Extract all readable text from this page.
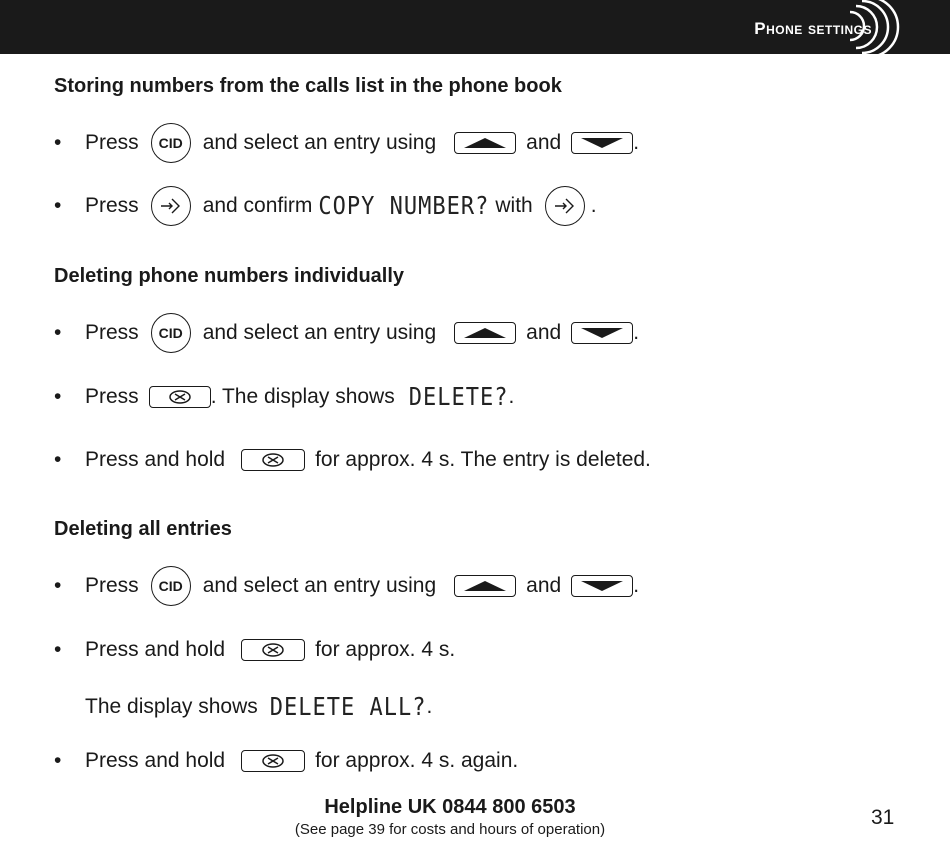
Phone settings
Storing numbers from the calls list in the phone book
•	Press	CID and select an entry using	and	.
•	Press	and confirm COPY NUMBER? with	.
Deleting phone numbers individually
•	Press	CID and select an entry using	and	.
•	Press	. The display shows DELETE? .
•	Press and hold	for approx. 4 s. The entry is deleted.
Deleting all entries
•	Press	CID and select an entry using	and	.
•	Press and hold	for approx. 4 s.
The display shows DELETE ALL? .
•	Press and hold	for approx. 4 s. again.
Helpline UK 0844 800 6503
(See page 39 for costs and hours of operation)
31
